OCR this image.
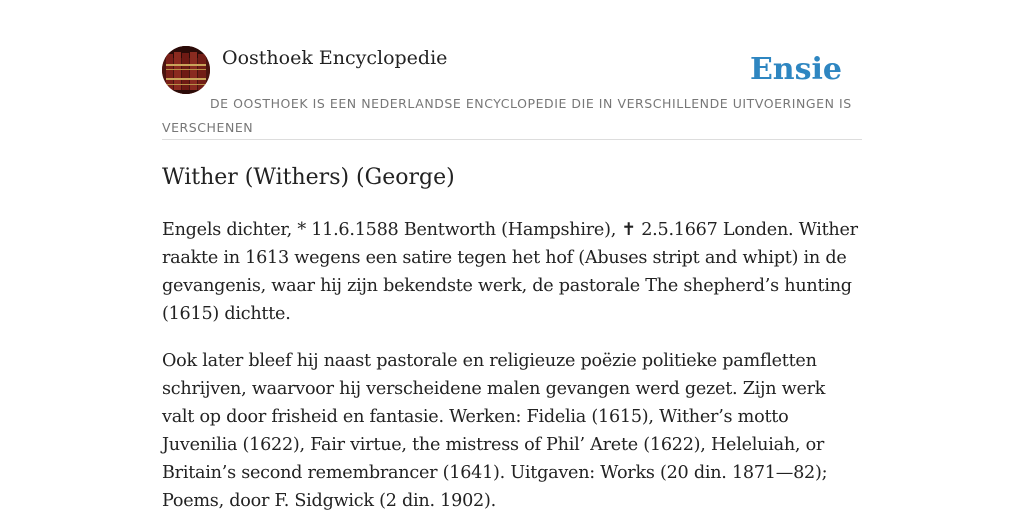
Oosthoek Encyclopedie	Ensie

DE OOSTHOEK IS EEN NEDERLANDSE ENCYCLOPEDIE DIE IN VERSCHILLENDE UITVOERINGEN IS VERSCHENEN

Wither (Withers) (George)

Engels dichter, * 11.6.1588 Bentworth (Hampshire), ✝ 2.5.1667 Londen. Wither raakte in 1613 wegens een satire tegen het hof (Abuses stript and whipt) in de gevangenis, waar hij zijn bekendste werk, de pastorale The shepherd’s hunting (1615) dichtte.

Ook later bleef hij naast pastorale en religieuze poëzie politieke pamfletten schrijven, waarvoor hij verscheidene malen gevangen werd gezet. Zijn werk valt op door frisheid en fantasie. Werken: Fidelia (1615), Wither’s motto Juvenilia (1622), Fair virtue, the mistress of Phil’ Arete (1622), Heleluiah, or Britain’s second remembrancer (1641). Uitgaven: Works (20 din. 1871—82); Poems, door F. Sidgwick (2 din. 1902).
